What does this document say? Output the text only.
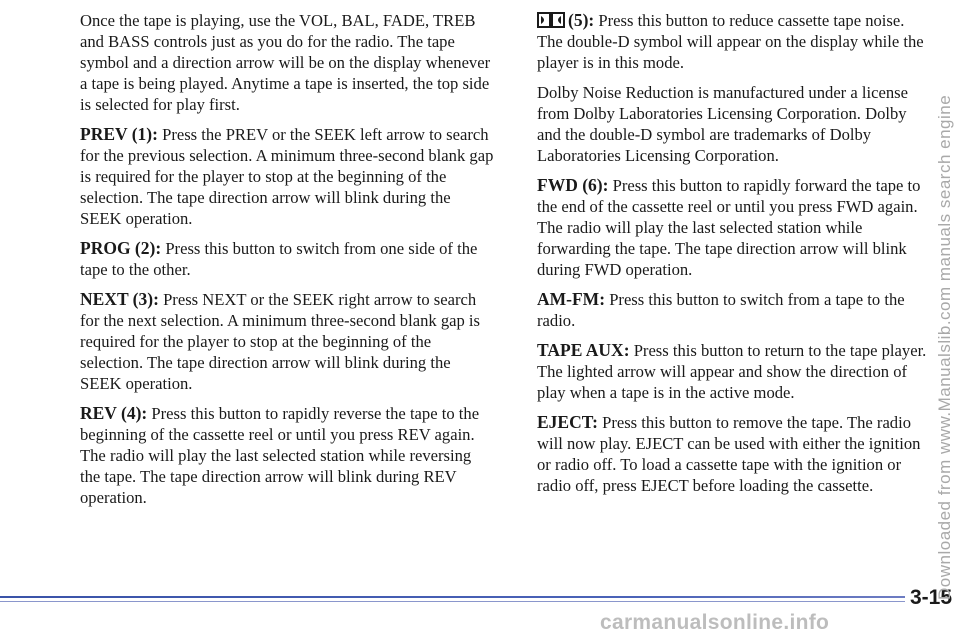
Once the tape is playing, use the VOL, BAL, FADE, TREB and BASS controls just as you do for the radio. The tape symbol and a direction arrow will be on the display whenever a tape is being played. Anytime a tape is inserted, the top side is selected for play first.

PREV (1): Press the PREV or the SEEK left arrow to search for the previous selection. A minimum three-second blank gap is required for the player to stop at the beginning of the selection. The tape direction arrow will blink during the SEEK operation.

PROG (2): Press this button to switch from one side of the tape to the other.

NEXT (3): Press NEXT or the SEEK right arrow to search for the next selection. A minimum three-second blank gap is required for the player to stop at the beginning of the selection. The tape direction arrow will blink during the SEEK operation.

REV (4): Press this button to rapidly reverse the tape to the beginning of the cassette reel or until you press REV again. The radio will play the last selected station while reversing the tape. The tape direction arrow will blink during REV operation.

(5): Press this button to reduce cassette tape noise. The double-D symbol will appear on the display while the player is in this mode.

Dolby Noise Reduction is manufactured under a license from Dolby Laboratories Licensing Corporation. Dolby and the double-D symbol are trademarks of Dolby Laboratories Licensing Corporation.

FWD (6): Press this button to rapidly forward the tape to the end of the cassette reel or until you press FWD again. The radio will play the last selected station while forwarding the tape. The tape direction arrow will blink during FWD operation.

AM-FM: Press this button to switch from a tape to the radio.

TAPE AUX: Press this button to return to the tape player. The lighted arrow will appear and show the direction of play when a tape is in the active mode.

EJECT: Press this button to remove the tape. The radio will now play. EJECT can be used with either the ignition or radio off. To load a cassette tape with the ignition or radio off, press EJECT before loading the cassette.

3-15
Downloaded from www.Manualslib.com manuals search engine
carmanualsonline.info
